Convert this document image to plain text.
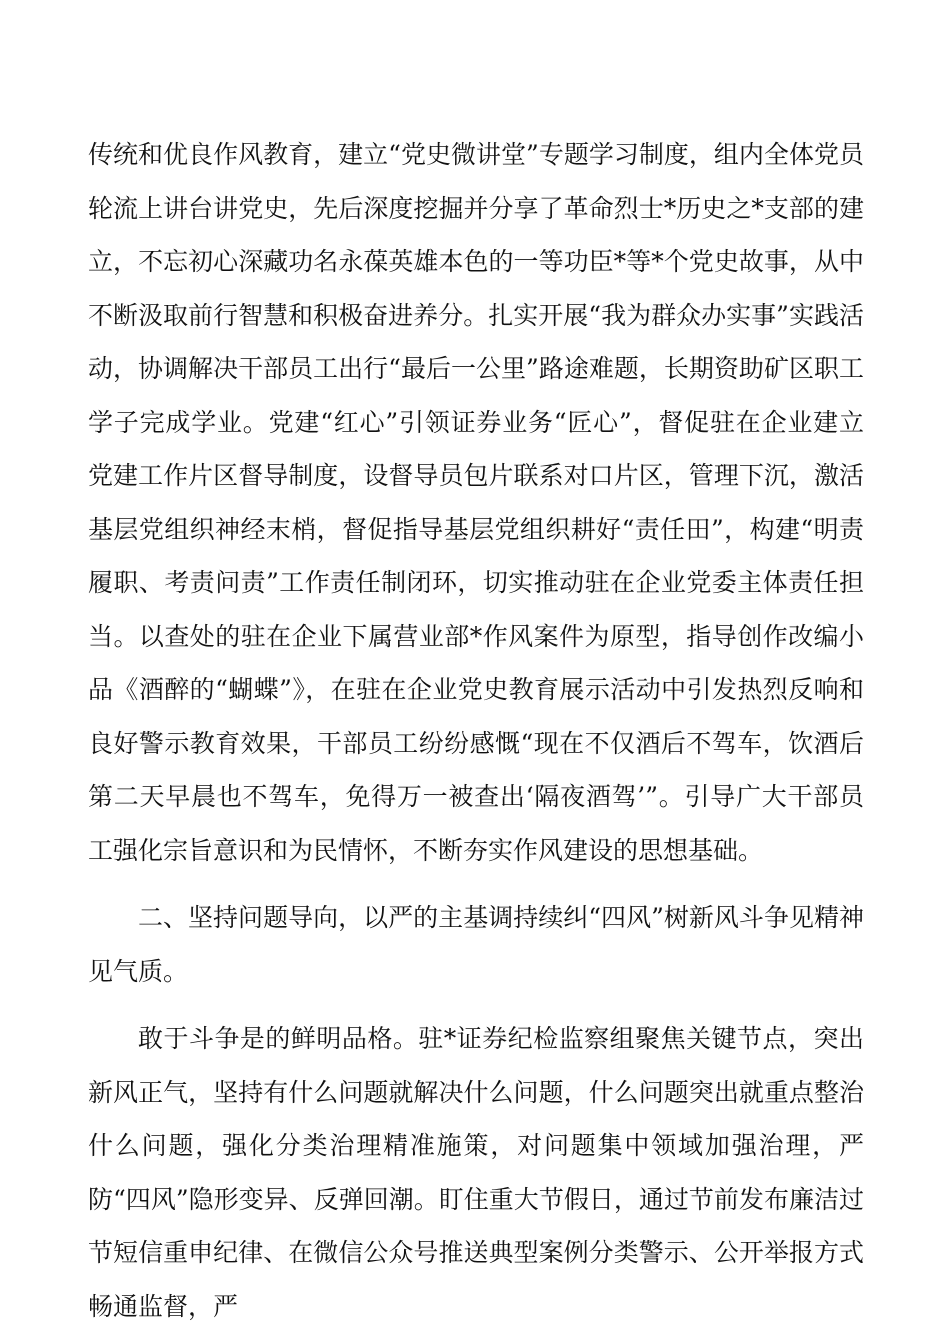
传统和优良作风教育，建立“党史微讲堂”专题学习制度，组内全体党员轮流上讲台讲党史，先后深度挖掘并分享了革命烈士*历史之*支部的建立，不忘初心深藏功名永葆英雄本色的一等功臣*等*个党史故事，从中不断汲取前行智慧和积极奋进养分。扎实开展“我为群众办实事”实践活动，协调解决干部员工出行“最后一公里”路途难题，长期资助矿区职工学子完成学业。党建“红心”引领证券业务“匠心”，督促驻在企业建立党建工作片区督导制度，设督导员包片联系对口片区，管理下沉，激活基层党组织神经末梢，督促指导基层党组织耕好“责任田”，构建“明责履职、考责问责”工作责任制闭环，切实推动驻在企业党委主体责任担当。以查处的驻在企业下属营业部*作风案件为原型，指导创作改编小品《酒醉的“蝴蝶”》，在驻在企业党史教育展示活动中引发热烈反响和良好警示教育效果，干部员工纷纷感慨“现在不仅酒后不驾车，饮酒后第二天早晨也不驾车，免得万一被查出‘隔夜酒驾’”。引导广大干部员工强化宗旨意识和为民情怀，不断夯实作风建设的思想基础。

二、坚持问题导向，以严的主基调持续纠“四风”树新风斗争见精神见气质。

敢于斗争是的鲜明品格。驻*证券纪检监察组聚焦关键节点，突出新风正气，坚持有什么问题就解决什么问题，什么问题突出就重点整治什么问题，强化分类治理精准施策，对问题集中领域加强治理，严防“四风”隐形变异、反弹回潮。盯住重大节假日，通过节前发布廉洁过节短信重申纪律、在微信公众号推送典型案例分类警示、公开举报方式畅通监督，严
